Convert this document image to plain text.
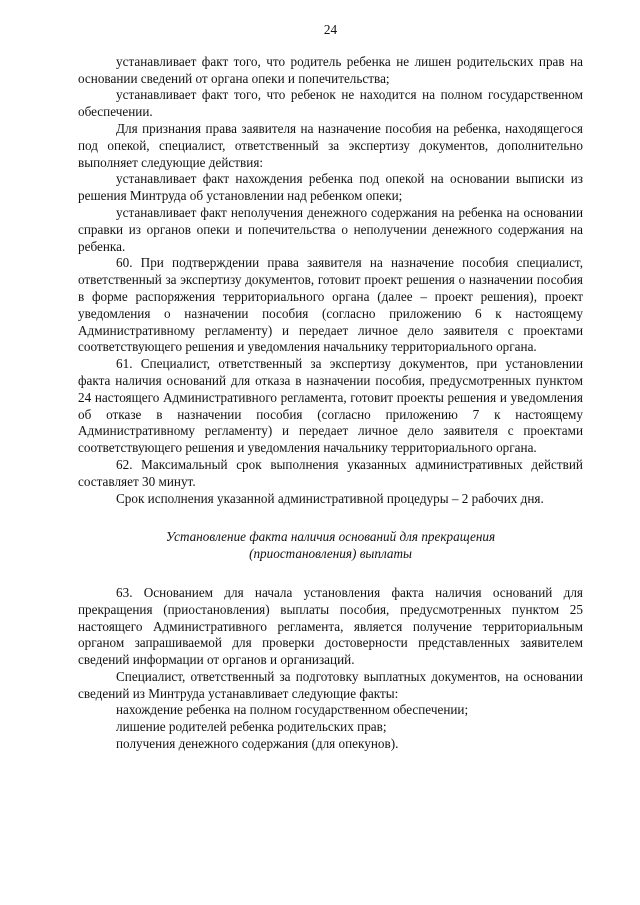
24

устанавливает факт того, что родитель ребенка не лишен родительских прав на основании сведений от органа опеки и попечительства;

устанавливает факт того, что ребенок не находится на полном государственном обеспечении.

Для признания права заявителя на назначение пособия на ребенка, находящегося под опекой, специалист, ответственный за экспертизу документов, дополнительно выполняет следующие действия:

устанавливает факт нахождения ребенка под опекой на основании выписки из решения Минтруда об установлении над ребенком опеки;

устанавливает факт неполучения денежного содержания на ребенка на основании справки из органов опеки и попечительства о неполучении денежного содержания на ребенка.

60. При подтверждении права заявителя на назначение пособия специалист, ответственный за экспертизу документов, готовит проект решения о назначении пособия в форме распоряжения территориального органа (далее – проект решения), проект уведомления о назначении пособия (согласно приложению 6 к настоящему Административному регламенту) и передает личное дело заявителя с проектами соответствующего решения и уведомления начальнику территориального органа.

61. Специалист, ответственный за экспертизу документов, при установлении факта наличия оснований для отказа в назначении пособия, предусмотренных пунктом 24 настоящего Административного регламента, готовит проекты решения и уведомления об отказе в назначении пособия (согласно приложению 7 к настоящему Административному регламенту) и передает личное дело заявителя с проектами соответствующего решения и уведомления начальнику территориального органа.

62. Максимальный срок выполнения указанных административных действий составляет 30 минут.

Срок исполнения указанной административной процедуры – 2 рабочих дня.

Установление факта наличия оснований для прекращения
(приостановления) выплаты

63. Основанием для начала установления факта наличия оснований для прекращения (приостановления) выплаты пособия, предусмотренных пунктом 25 настоящего Административного регламента, является получение территориальным органом запрашиваемой для проверки достоверности представленных заявителем сведений информации от органов и организаций.

Специалист, ответственный за подготовку выплатных документов, на основании сведений из Минтруда устанавливает следующие факты:

нахождение ребенка на полном государственном обеспечении;

лишение родителей ребенка родительских прав;

получения денежного содержания (для опекунов).
